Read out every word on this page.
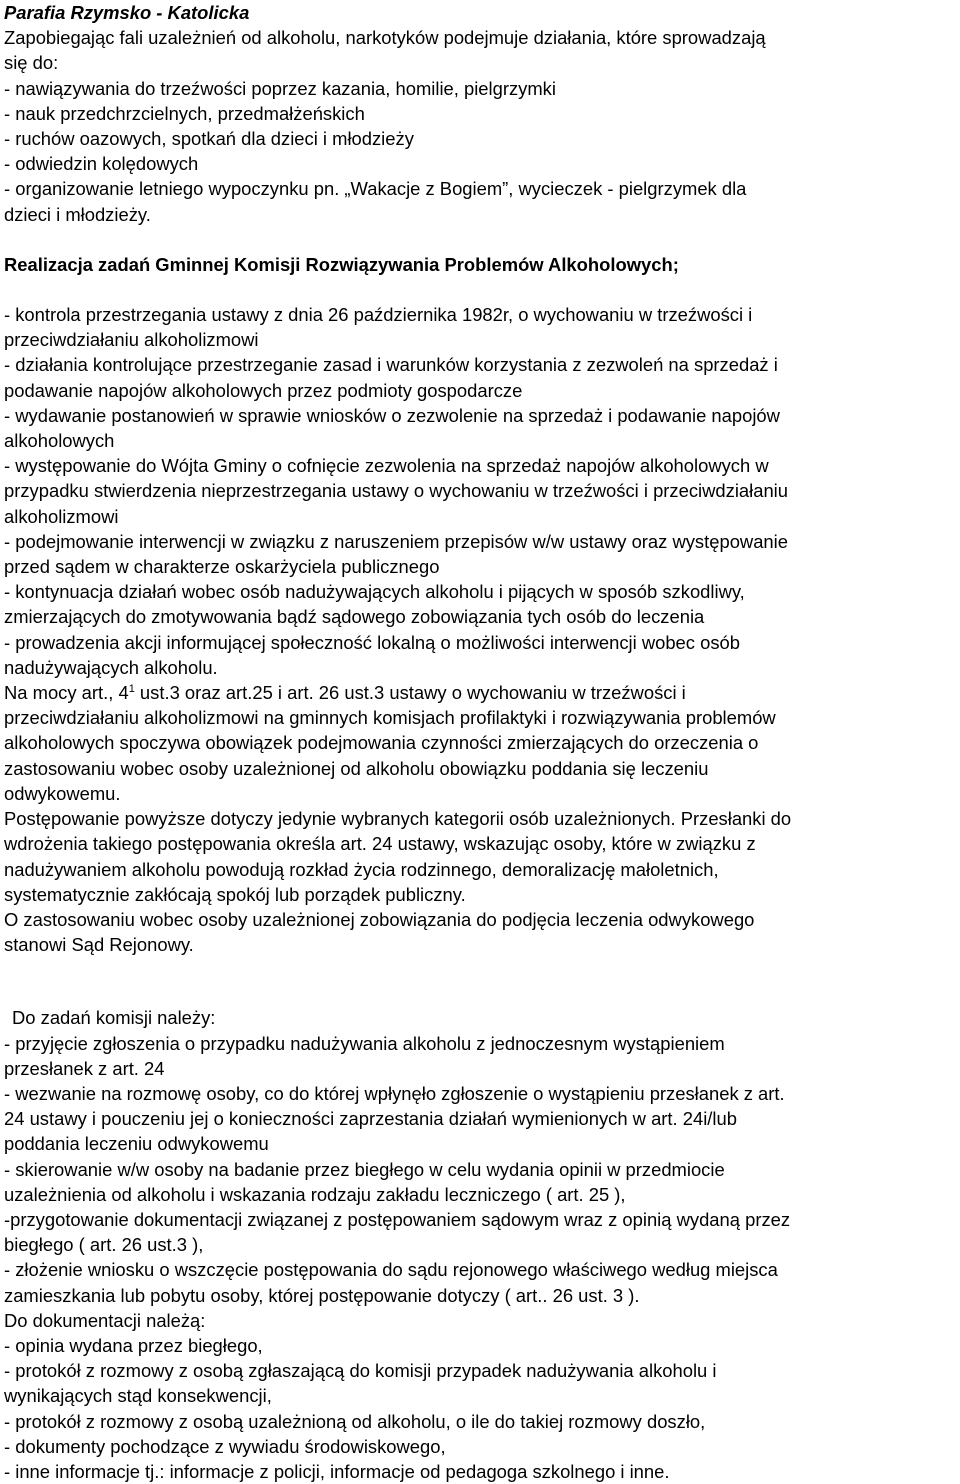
Parafia Rzymsko - Katolicka
Zapobiegając fali uzależnień od alkoholu, narkotyków podejmuje działania, które sprowadzają
się do:
- nawiązywania do trzeźwości poprzez kazania, homilie, pielgrzymki
- nauk przedchrzcielnych, przedmałżeńskich
- ruchów oazowych, spotkań dla dzieci i młodzieży
- odwiedzin kolędowych
- organizowanie letniego wypoczynku pn. „Wakacje z Bogiem”, wycieczek - pielgrzymek dla
dzieci i młodzieży.
Realizacja zadań Gminnej Komisji Rozwiązywania Problemów Alkoholowych;
- kontrola przestrzegania ustawy z dnia 26 października 1982r, o wychowaniu w trzeźwości i
przeciwdziałaniu alkoholizmowi
- działania kontrolujące przestrzeganie zasad i warunków korzystania z zezwoleń na sprzedaż i
podawanie napojów alkoholowych przez podmioty gospodarcze
- wydawanie postanowień w sprawie wniosków o zezwolenie na sprzedaż i podawanie napojów
alkoholowych
- występowanie do Wójta Gminy o cofnięcie zezwolenia na sprzedaż napojów alkoholowych w
przypadku stwierdzenia nieprzestrzegania ustawy o wychowaniu w trzeźwości i przeciwdziałaniu
alkoholizmowi
- podejmowanie interwencji w związku z naruszeniem przepisów w/w ustawy oraz występowanie
przed sądem w charakterze oskarżyciela publicznego
- kontynuacja działań wobec osób nadużywających alkoholu i pijących w sposób szkodliwy,
zmierzających do zmotywowania bądź sądowego zobowiązania tych osób do leczenia
- prowadzenia akcji informującej społeczność lokalną o możliwości interwencji wobec osób
nadużywających alkoholu.
Na mocy art., $4^1$ ust.3 oraz art.25 i art. 26 ust.3 ustawy o wychowaniu w trzeźwości i
przeciwdziałaniu alkoholizmowi na gminnych komisjach profilaktyki i rozwiązywania problemów
alkoholowych spoczywa obowiązek podejmowania czynności zmierzających do orzeczenia o
zastosowaniu wobec osoby uzależnionej od alkoholu obowiązku poddania się leczeniu
odwykowemu.
Postępowanie powyższe dotyczy jedynie wybranych kategorii osób uzależnionych. Przesłanki do
wdrożenia takiego postępowania określa art. 24 ustawy, wskazując osoby, które w związku z
nadużywaniem alkoholu powodują rozkład życia rodzinnego, demoralizację małoletnich,
systematycznie zakłócają spokój lub porządek publiczny.
O zastosowaniu wobec osoby uzależnionej zobowiązania do podjęcia leczenia odwykowego
stanowi Sąd Rejonowy.
Do zadań komisji należy:
- przyjęcie zgłoszenia o przypadku nadużywania alkoholu z jednoczesnym wystąpieniem
przesłanek z art. 24
- wezwanie na rozmowę osoby, co do której wpłynęło zgłoszenie o wystąpieniu przesłanek z art.
24 ustawy i pouczeniu jej o konieczności zaprzestania działań wymienionych w art. 24i/lub
poddania leczeniu odwykowemu
- skierowanie w/w osoby na badanie przez biegłego w celu wydania opinii w przedmiocie
uzależnienia od alkoholu i wskazania rodzaju zakładu leczniczego ( art. 25 ),
-przygotowanie dokumentacji związanej z postępowaniem sądowym wraz z opinią wydaną przez
biegłego ( art. 26 ust.3 ),
- złożenie wniosku o wszczęcie postępowania do sądu rejonowego właściwego według miejsca
zamieszkania lub pobytu osoby, której postępowanie dotyczy ( art.. 26 ust. 3 ).
Do dokumentacji należą:
- opinia wydana przez biegłego,
- protokół z rozmowy z osobą zgłaszającą do komisji przypadek nadużywania alkoholu i
wynikających stąd konsekwencji,
- protokół z rozmowy z osobą uzależnioną od alkoholu, o ile do takiej rozmowy doszło,
- dokumenty pochodzące z wywiadu środowiskowego,
- inne informacje tj.: informacje z policji, informacje od pedagoga szkolnego i inne.
